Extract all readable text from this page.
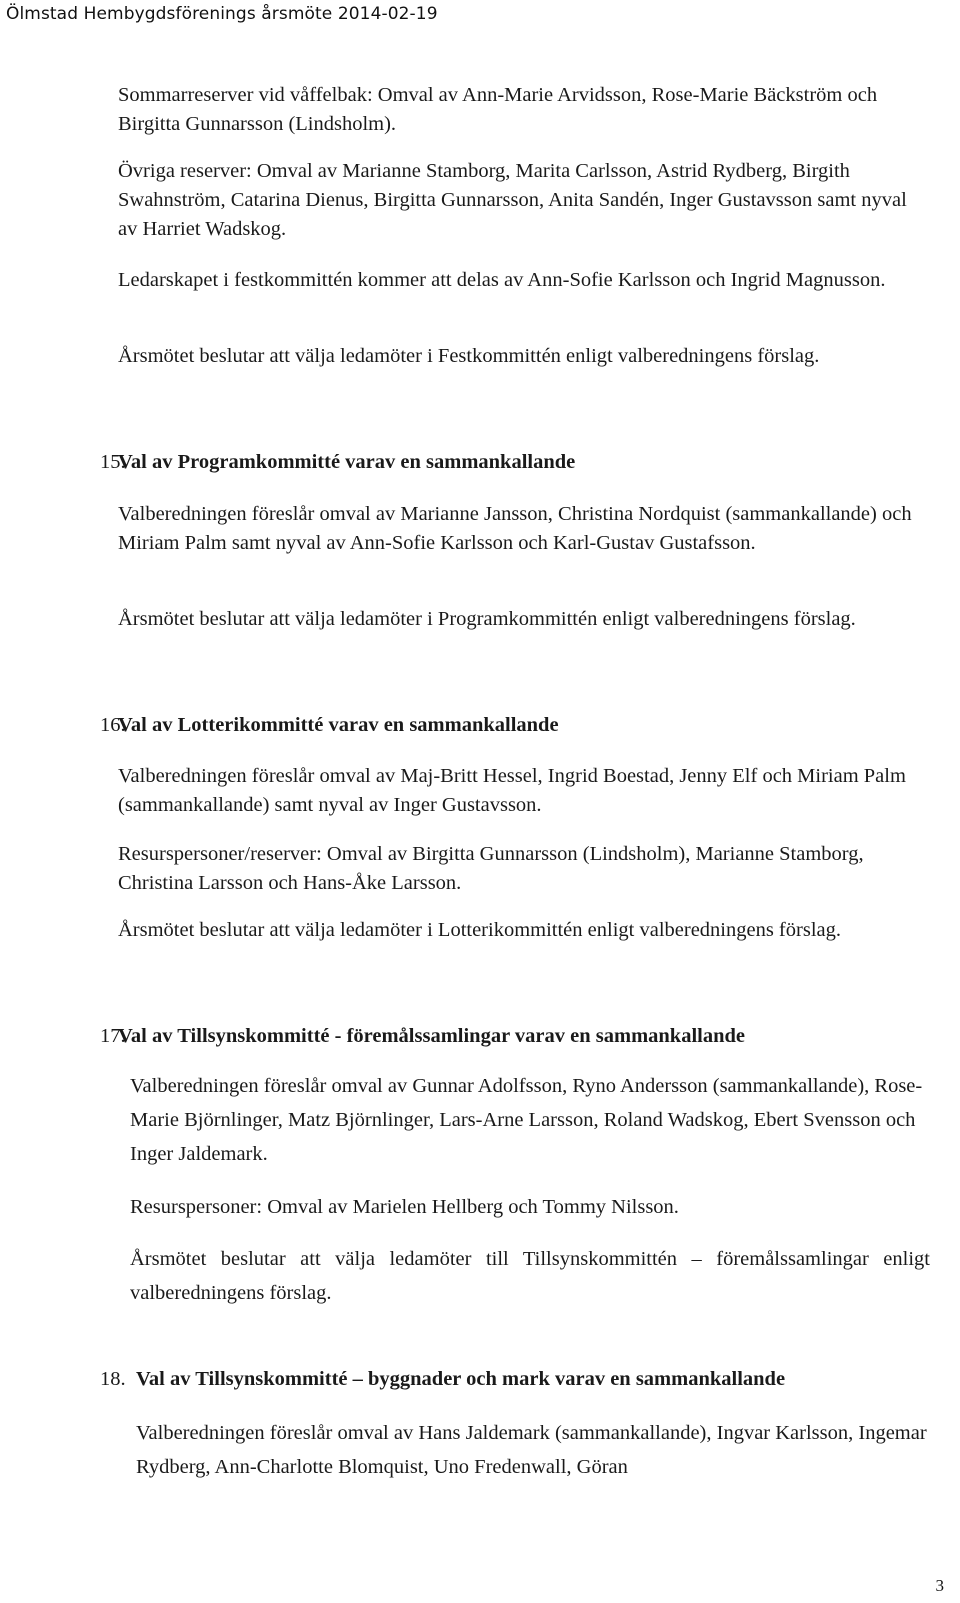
Ölmstad Hembygdsförenings årsmöte 2014-02-19

Sommarreserver vid våffelbak: Omval av Ann-Marie Arvidsson, Rose-Marie Bäckström och Birgitta Gunnarsson (Lindsholm).

Övriga reserver: Omval av Marianne Stamborg, Marita Carlsson, Astrid Rydberg, Birgith Swahnström, Catarina Dienus, Birgitta Gunnarsson, Anita Sandén, Inger Gustavsson samt nyval av Harriet Wadskog.

Ledarskapet i festkommittén kommer att delas av Ann-Sofie Karlsson och Ingrid Magnusson.

Årsmötet beslutar att välja ledamöter i Festkommittén enligt valberedningens förslag.

15.

Val av Programkommitté varav en sammankallande

Valberedningen föreslår omval av Marianne Jansson, Christina Nordquist (sammankallande) och Miriam Palm samt nyval av Ann-Sofie Karlsson och Karl-Gustav Gustafsson.

Årsmötet beslutar att välja ledamöter i Programkommittén enligt valberedningens förslag.

16.

Val av Lotterikommitté varav en sammankallande

Valberedningen föreslår omval av Maj-Britt Hessel, Ingrid Boestad, Jenny Elf och Miriam Palm (sammankallande) samt nyval av Inger Gustavsson.

Resurspersoner/reserver: Omval av Birgitta Gunnarsson (Lindsholm), Marianne Stamborg, Christina Larsson och Hans-Åke Larsson.

Årsmötet beslutar att välja ledamöter i Lotterikommittén enligt valberedningens förslag.

17.

Val av Tillsynskommitté - föremålssamlingar varav en sammankallande

Valberedningen föreslår omval av Gunnar Adolfsson, Ryno Andersson (sammankallande), Rose-Marie Björnlinger, Matz Björnlinger, Lars-Arne Larsson, Roland Wadskog, Ebert Svensson och Inger Jaldemark.

Resurspersoner: Omval av Marielen Hellberg och Tommy Nilsson.

Årsmötet beslutar att välja ledamöter till Tillsynskommittén – föremålssamlingar enligt valberedningens förslag.

18. Val av Tillsynskommitté – byggnader och mark varav en sammankallande

Valberedningen föreslår omval av Hans Jaldemark (sammankallande), Ingvar Karlsson, Ingemar Rydberg, Ann-Charlotte Blomquist, Uno Fredenwall, Göran

3
